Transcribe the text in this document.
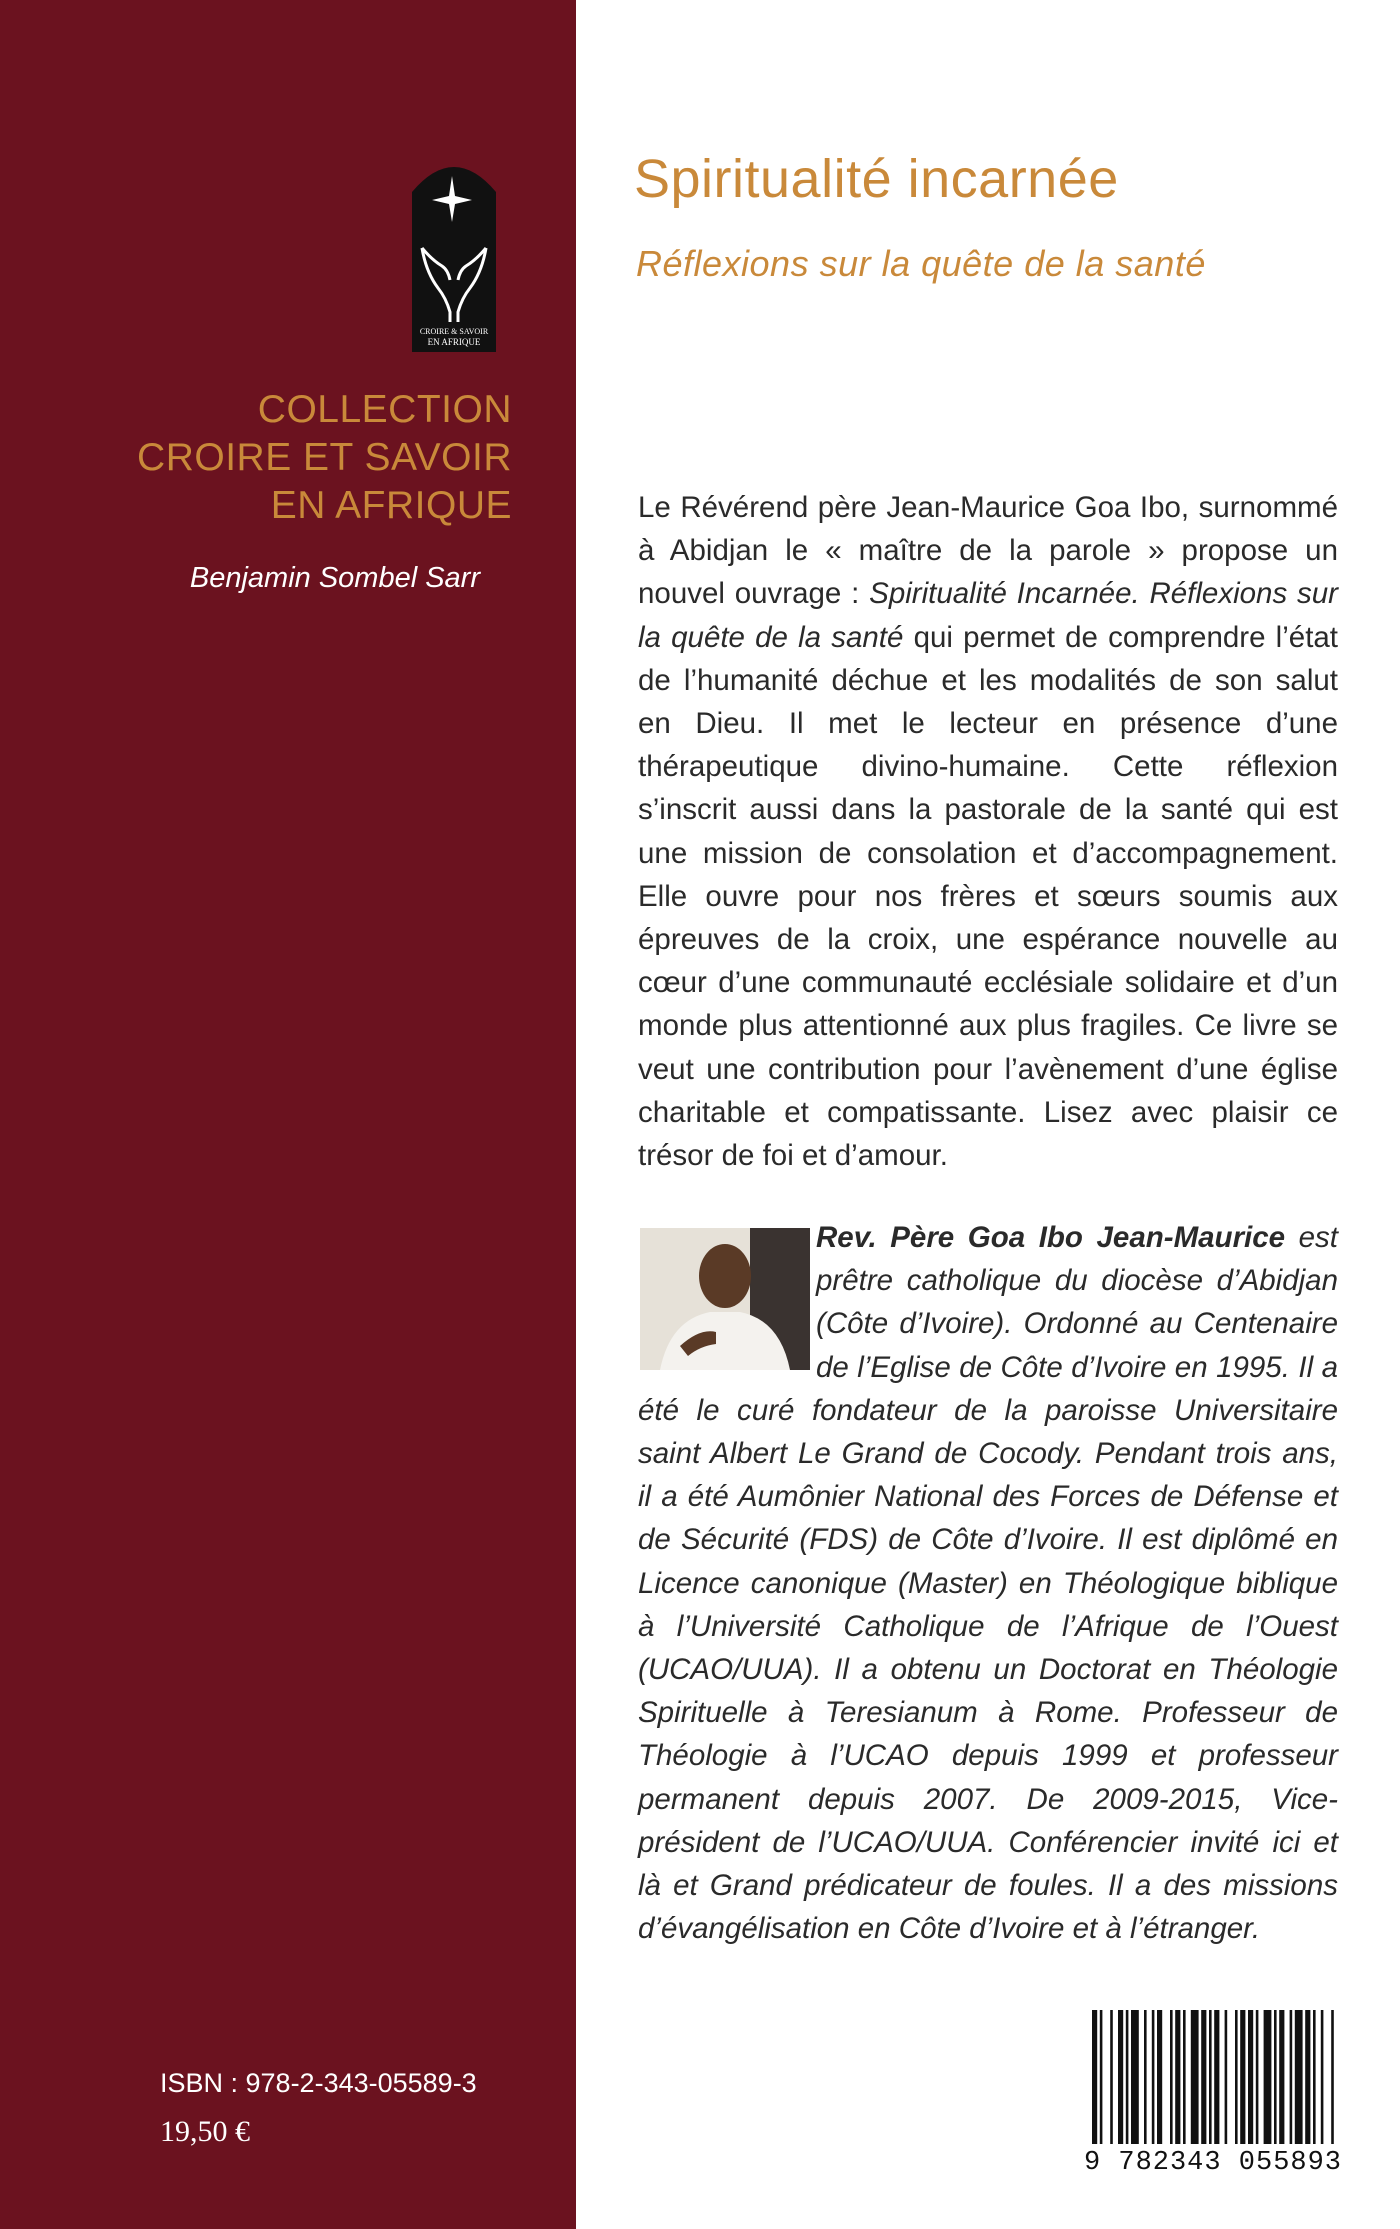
CROIRE & SAVOIR
EN AFRIQUE
COLLECTION
CROIRE ET SAVOIR
EN AFRIQUE
Benjamin Sombel Sarr
ISBN : 978-2-343-05589-3
19,50 €
Spiritualité incarnée
Réflexions sur la quête de la santé
Le Révérend père Jean-Maurice Goa Ibo, surnommé à Abidjan le « maître de la parole » propose un nouvel ouvrage : Spiritualité Incarnée. Réflexions sur la quête de la santé qui permet de comprendre l’état de l’humanité déchue et les modalités de son salut en Dieu. Il met le lecteur en présence d’une thérapeutique divino-humaine. Cette réflexion s’inscrit aussi dans la pastorale de la santé qui est une mission de consolation et d’accompagnement. Elle ouvre pour nos frères et sœurs soumis aux épreuves de la croix, une espérance nouvelle au cœur d’une communauté ecclésiale solidaire et d’un monde plus attentionné aux plus fragiles. Ce livre se veut une contribution pour l’avènement d’une église charitable et compatissante. Lisez avec plaisir ce trésor de foi et d’amour.
Rev. Père Goa Ibo Jean-Maurice est prêtre catholique du diocèse d’Abidjan (Côte d’Ivoire). Ordonné au Centenaire de l’Eglise de Côte d’Ivoire en 1995. Il a été le curé fondateur de la paroisse Universitaire saint Albert Le Grand de Cocody. Pendant trois ans, il a été Aumônier National des Forces de Défense et de Sécurité (FDS) de Côte d’Ivoire. Il est diplômé en Licence canonique (Master) en Théologique biblique à l’Université Catholique de l’Afrique de l’Ouest (UCAO/UUA). Il a obtenu un Doctorat en Théologie Spirituelle à Teresianum à Rome. Professeur de Théologie à l’UCAO depuis 1999 et professeur permanent depuis 2007. De 2009-2015, Vice-président de l’UCAO/UUA. Conférencier invité ici et là et Grand prédicateur de foules. Il a des missions d’évangélisation en Côte d’Ivoire et à l’étranger.
9 782343 055893
